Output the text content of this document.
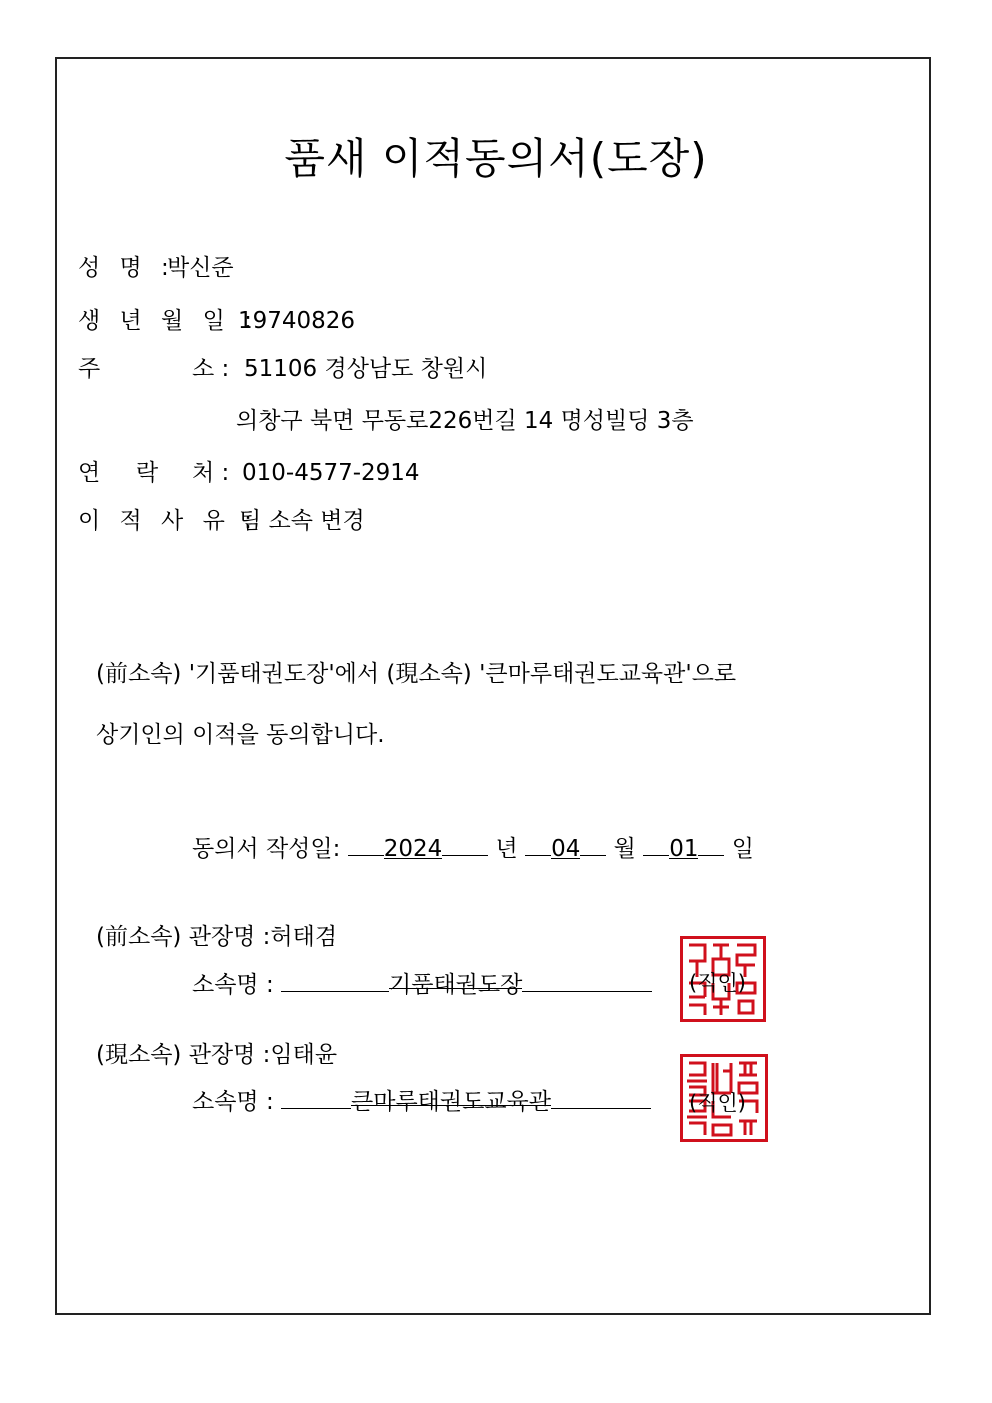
품새 이적동의서(도장)
성 명 :
박신준
생 년 월 일 :
19740826
주	소 : 51106 경상남도 창원시
의창구 북면 무동로226번길 14 명성빌딩 3층
연 락 처 : 010-4577-2914
이 적 사 유 :
팀 소속 변경
(前소속) '기품태권도장'에서 (現소속) '큰마루태권도교육관'으로
상기인의 이적을 동의합니다.
동의서 작성일: 2024 년 04 월 01 일
(前소속) 관장명 :허태겸
소속명 :	기품태권도장	(직인)
(現소속) 관장명 :임태윤
소속명 :	큰마루태권도교육관	(직인)
